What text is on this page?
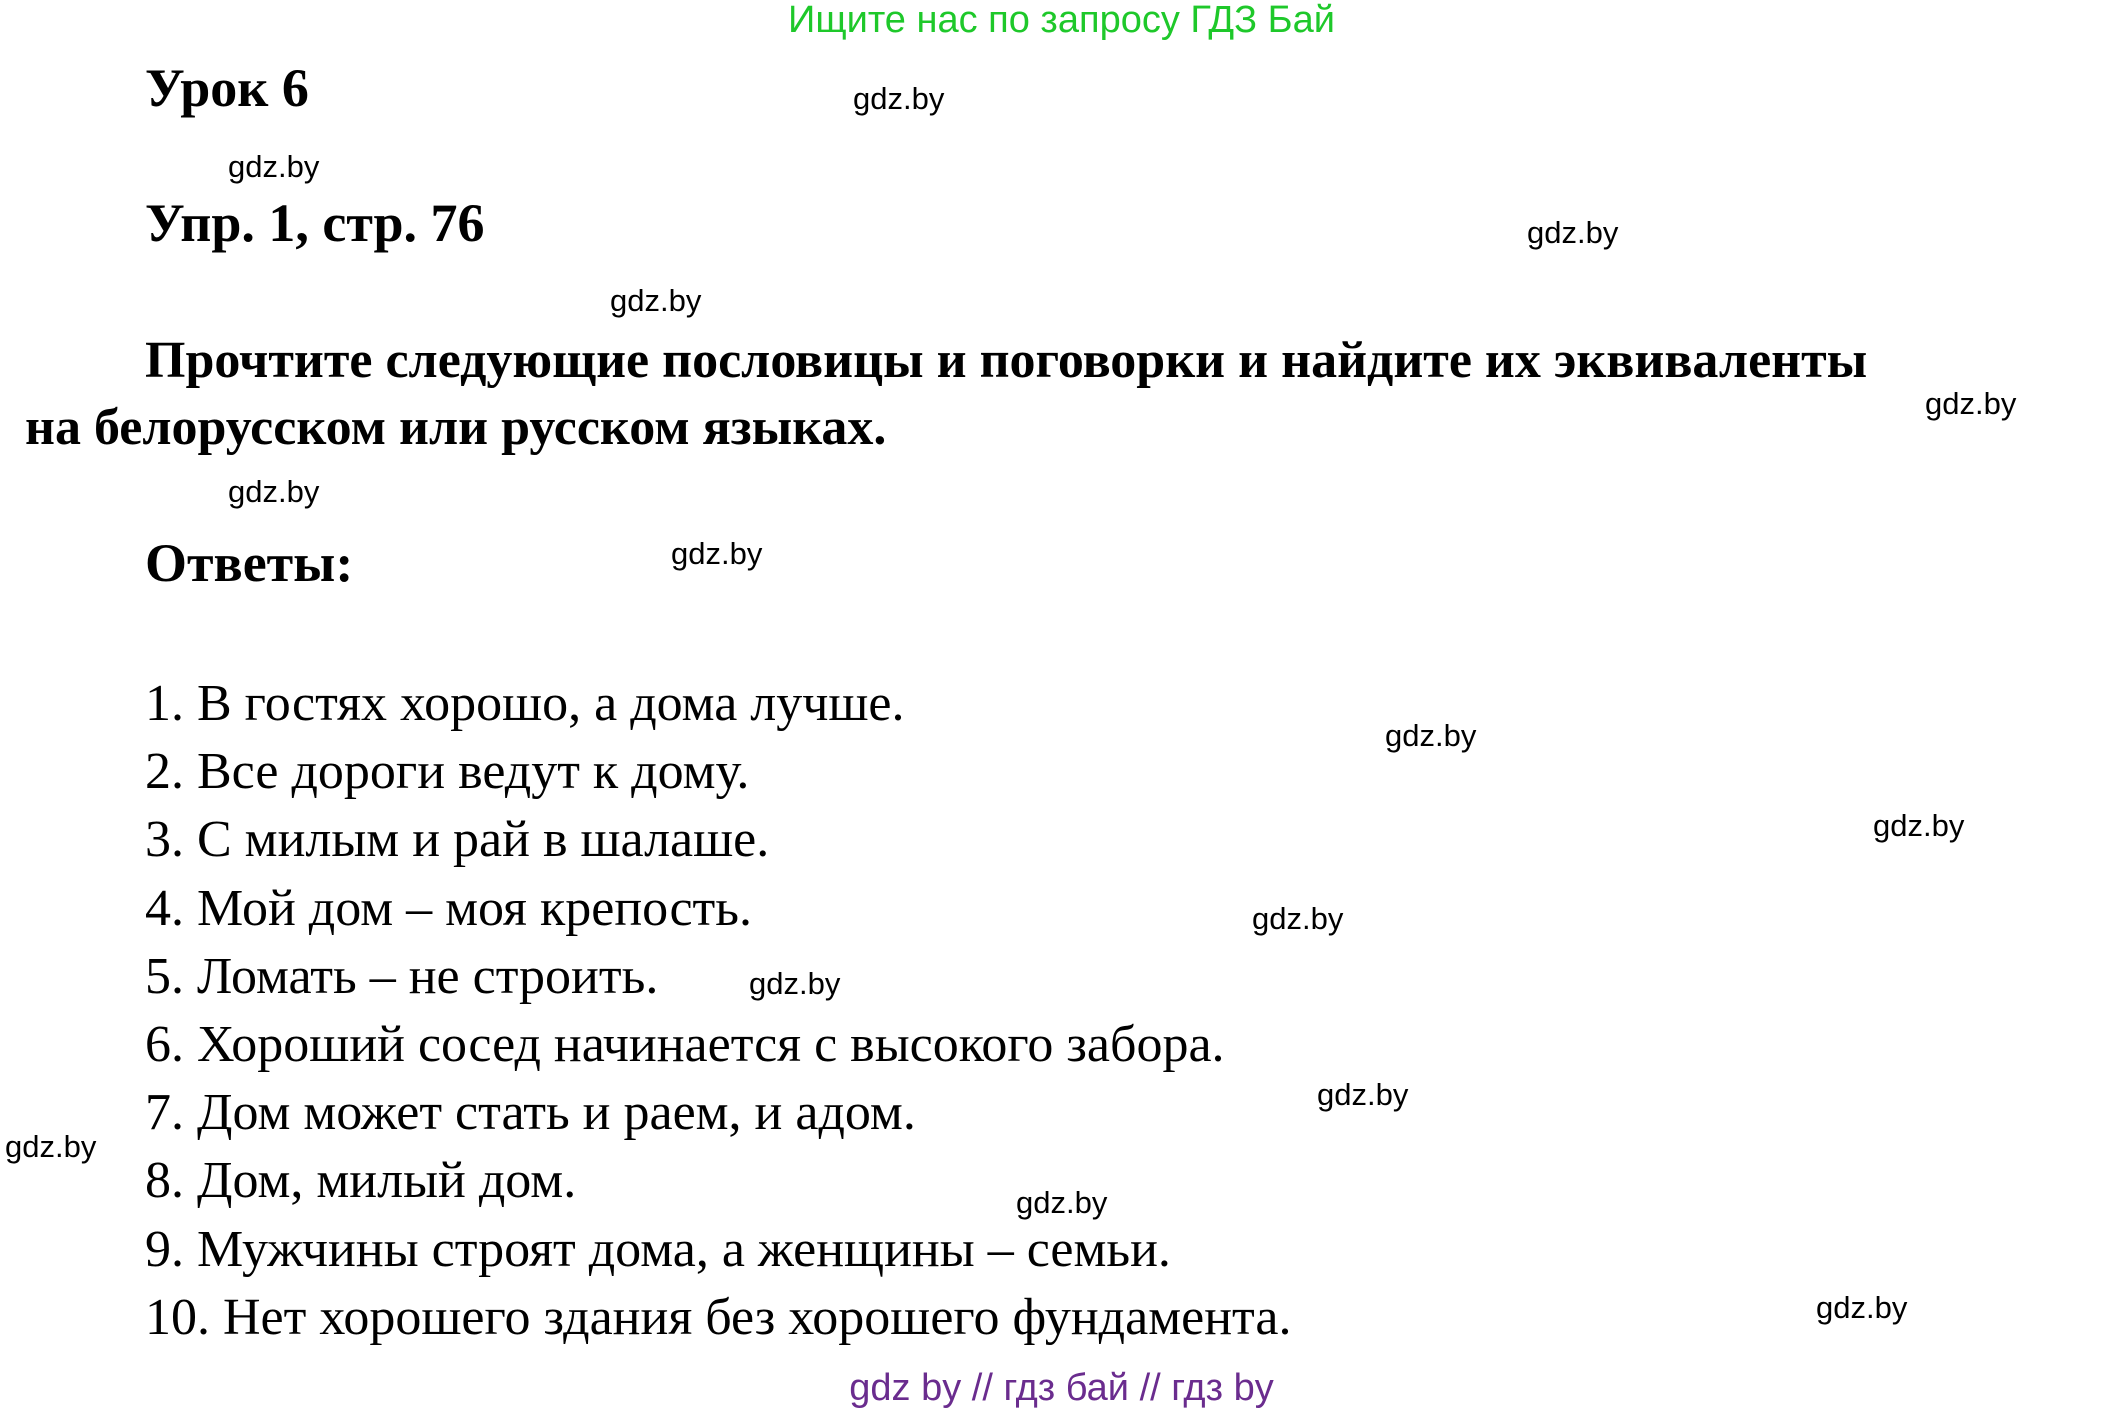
Ищите нас по запросу ГДЗ Бай
Урок 6
Упр. 1, стр. 76
Прочтите следующие пословицы и поговорки и найдите их эквиваленты
на белорусском или русском языках.
Ответы:
1. В гостях хорошо, а дома лучше.
2. Все дороги ведут к дому.
3. С милым и рай в шалаше.
4. Мой дом – моя крепость.
5. Ломать – не строить.
6. Хороший сосед начинается с высокого забора.
7. Дом может стать и раем, и адом.
8. Дом, милый дом.
9. Мужчины строят дома, а женщины – семьи.
10. Нет хорошего здания без хорошего фундамента.
gdz.by
gdz.by
gdz.by
gdz.by
gdz.by
gdz.by
gdz.by
gdz.by
gdz.by
gdz.by
gdz.by
gdz.by
gdz.by
gdz.by
gdz.by
gdz by // гдз бай // гдз by
